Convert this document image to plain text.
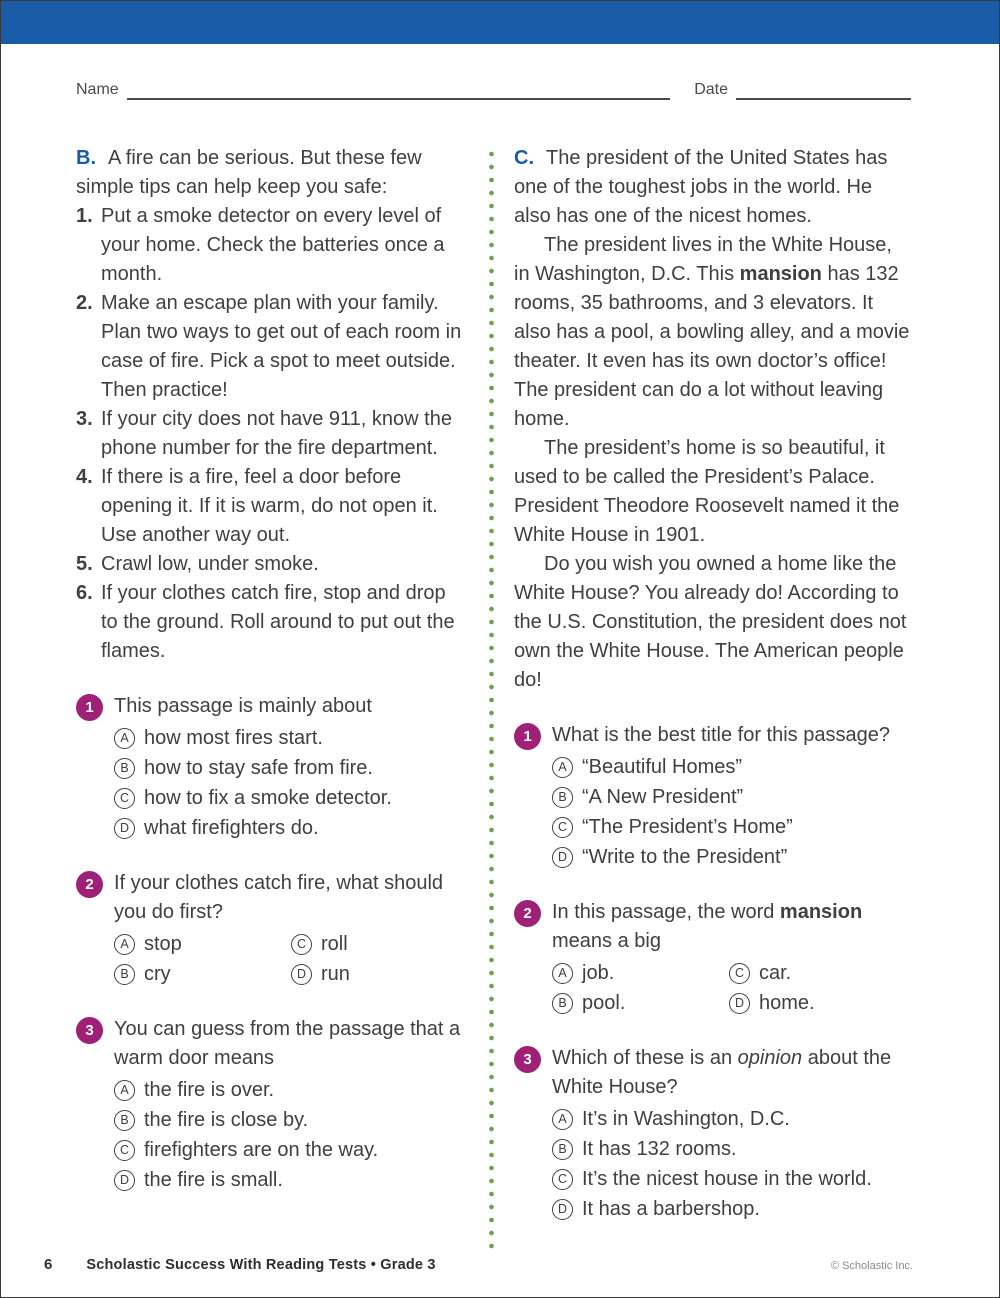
Name	Date

B. A fire can be serious. But these few simple tips can help keep you safe:

1. Put a smoke detector on every level of your home. Check the batteries once a month.
2. Make an escape plan with your family. Plan two ways to get out of each room in case of fire. Pick a spot to meet outside. Then practice!
3. If your city does not have 911, know the phone number for the fire department.
4. If there is a fire, feel a door before opening it. If it is warm, do not open it. Use another way out.
5. Crawl low, under smoke.
6. If your clothes catch fire, stop and drop to the ground. Roll around to put out the flames.
1	This passage is mainly about
A how most fires start.
B how to stay safe from fire.
C how to fix a smoke detector.
D what firefighters do.
2	If your clothes catch fire, what should you do first?
A stop	C roll
B cry	D run
3	You can guess from the passage that a warm door means
A the fire is over.
B the fire is close by.
C firefighters are on the way.
D the fire is small.

C. The president of the United States has one of the toughest jobs in the world. He also has one of the nicest homes.

The president lives in the White House, in Washington, D.C. This mansion has 132 rooms, 35 bathrooms, and 3 elevators. It also has a pool, a bowling alley, and a movie theater. It even has its own doctor’s office! The president can do a lot without leaving home.

The president’s home is so beautiful, it used to be called the President’s Palace. President Theodore Roosevelt named it the White House in 1901.

Do you wish you owned a home like the White House? You already do! According to the U.S. Constitution, the president does not own the White House. The American people do!

1	What is the best title for this passage?
A “Beautiful Homes”
B “A New President”
C “The President’s Home”
D “Write to the President”
2	In this passage, the word mansion means a big
A job.	C car.
B pool.	D home.
3	Which of these is an opinion about the White House?
A It’s in Washington, D.C.
B It has 132 rooms.
C It’s the nicest house in the world.
D It has a barbershop.
6 Scholastic Success With Reading Tests • Grade 3	© Scholastic Inc.
